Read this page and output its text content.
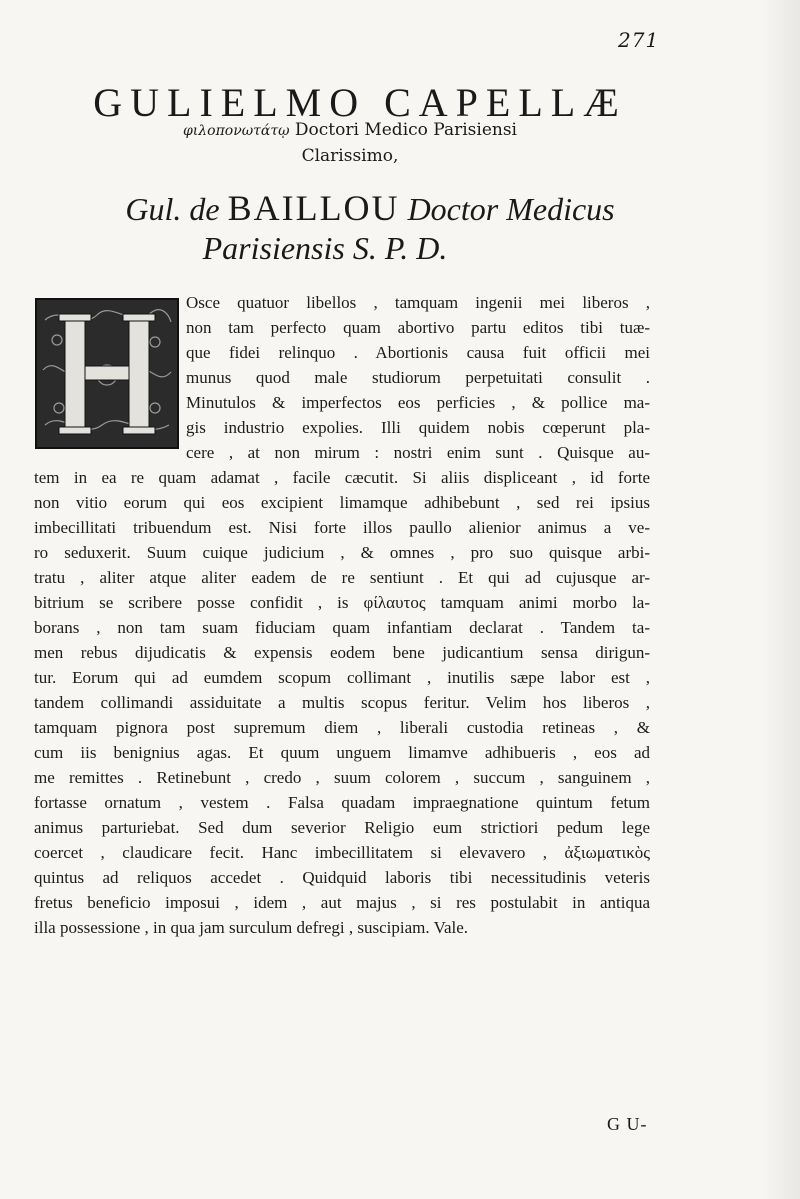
271
GULIELMO CAPELLÆ
φιλοπονωτάτῳ Doctori Medico Parisiensi
Clarissimo,
Gul. de BAILLOU Doctor Medicus
Parisiensis S. P. D.
Osce quatuor libellos , tamquam ingenii mei liberos ,
non tam perfecto quam abortivo partu editos tibi tuæ-
que fidei relinquo . Abortionis causa fuit officii mei
munus quod male studiorum perpetuitati consulit .
Minutulos & imperfectos eos perficies , & pollice ma-
gis industrio expolies. Illi quidem nobis cœperunt pla-
cere , at non mirum : nostri enim sunt . Quisque au-
tem in ea re quam adamat , facile cæcutit. Si aliis displiceant , id forte
non vitio eorum qui eos excipient limamque adhibebunt , sed rei ipsius
imbecillitati tribuendum est. Nisi forte illos paullo alienior animus a ve-
ro seduxerit. Suum cuique judicium , & omnes , pro suo quisque arbi-
tratu , aliter atque aliter eadem de re sentiunt . Et qui ad cujusque ar-
bitrium se scribere posse confidit , is φίλαυτος tamquam animi morbo la-
borans , non tam suam fiduciam quam infantiam declarat . Tandem ta-
men rebus dijudicatis & expensis eodem bene judicantium sensa dirigun-
tur. Eorum qui ad eumdem scopum collimant , inutilis sæpe labor est ,
tandem collimandi assiduitate a multis scopus feritur. Velim hos liberos ,
tamquam pignora post supremum diem , liberali custodia retineas , &
cum iis benignius agas. Et quum unguem limamve adhibueris , eos ad
me remittes . Retinebunt , credo , suum colorem , succum , sanguinem ,
fortasse ornatum , vestem . Falsa quadam impraegnatione quintum fetum
animus parturiebat. Sed dum severior Religio eum strictiori pedum lege
coercet , claudicare fecit. Hanc imbecillitatem si elevavero , ἀξιωματικὸς
quintus ad reliquos accedet . Quidquid laboris tibi necessitudinis veteris
fretus beneficio imposui , idem , aut majus , si res postulabit in antiqua
illa possessione , in qua jam surculum defregi , suscipiam. Vale.
G U-
